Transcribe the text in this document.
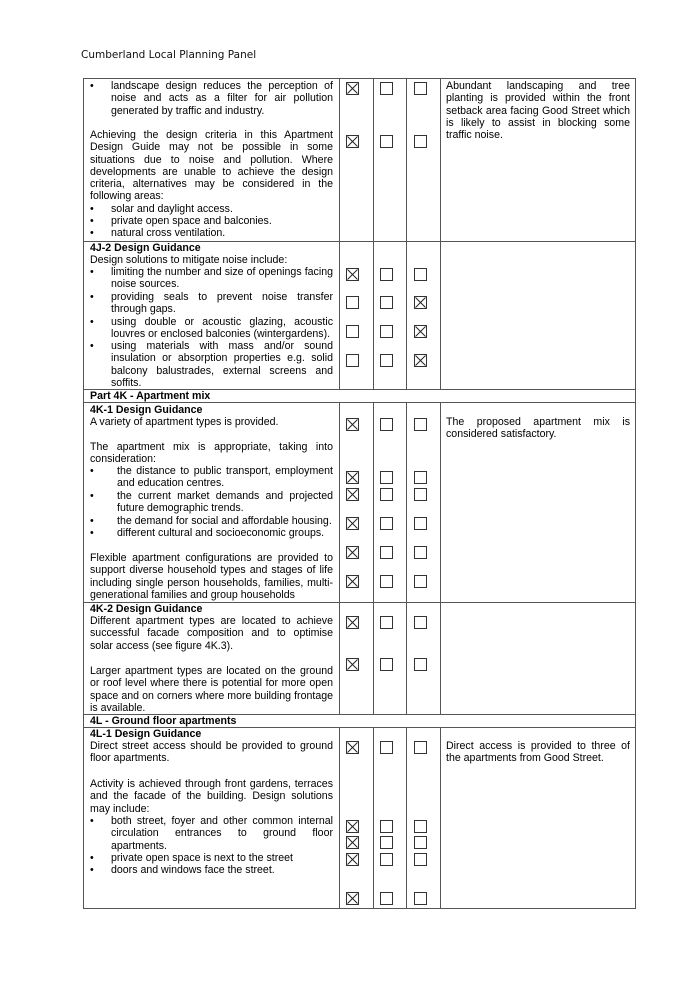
Cumberland Local Planning Panel
• landscape design reduces the perception of noise and acts as a filter for air pollution generated by traffic and industry.
Achieving the design criteria in this Apartment Design Guide may not be possible in some situations due to noise and pollution. Where developments are unable to achieve the design criteria, alternatives may be considered in the following areas:
• solar and daylight access.
• private open space and balconies.
• natural cross ventilation.
Abundant landscaping and tree planting is provided within the front setback area facing Good Street which is likely to assist in blocking some traffic noise.
4J-2 Design Guidance
Design solutions to mitigate noise include:
• limiting the number and size of openings facing noise sources.
• providing seals to prevent noise transfer through gaps.
• using double or acoustic glazing, acoustic louvres or enclosed balconies (wintergardens).
• using materials with mass and/or sound insulation or absorption properties e.g. solid balcony balustrades, external screens and soffits.
Part 4K - Apartment mix
4K-1 Design Guidance
A variety of apartment types is provided.
The apartment mix is appropriate, taking into consideration:
• the distance to public transport, employment and education centres.
• the current market demands and projected future demographic trends.
• the demand for social and affordable housing.
• different cultural and socioeconomic groups.
Flexible apartment configurations are provided to support diverse household types and stages of life including single person households, families, multi-generational families and group households
The proposed apartment mix is considered satisfactory.
4K-2 Design Guidance
Different apartment types are located to achieve successful facade composition and to optimise solar access (see figure 4K.3).
Larger apartment types are located on the ground or roof level where there is potential for more open space and on corners where more building frontage is available.
4L - Ground floor apartments
4L-1 Design Guidance
Direct street access should be provided to ground floor apartments.
Activity is achieved through front gardens, terraces and the facade of the building. Design solutions may include:
• both street, foyer and other common internal circulation entrances to ground floor apartments.
• private open space is next to the street
• doors and windows face the street.
Direct access is provided to three of the apartments from Good Street.
